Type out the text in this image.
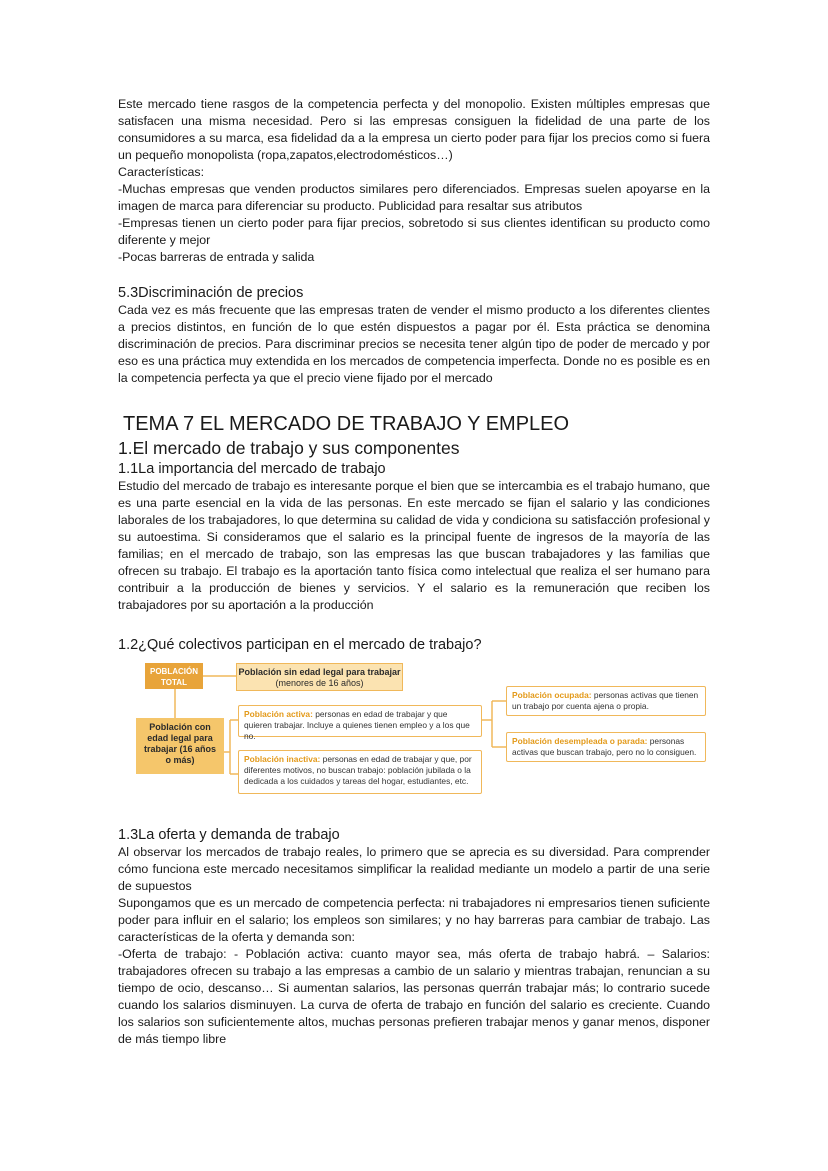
Este mercado tiene rasgos de la competencia perfecta y del monopolio. Existen múltiples empresas que satisfacen una misma necesidad. Pero si las empresas consiguen la fidelidad de una parte de los consumidores a su marca, esa fidelidad da a la empresa un cierto poder para fijar los precios como si fuera un pequeño monopolista (ropa,zapatos,electrodomésticos…)

Características:

-Muchas empresas que venden productos similares pero diferenciados. Empresas suelen apoyarse en la imagen de marca para diferenciar su producto. Publicidad para resaltar sus atributos

-Empresas tienen un cierto poder para fijar precios, sobretodo si sus clientes identifican su producto como diferente y mejor

-Pocas barreras de entrada y salida

5.3Discriminación de precios

Cada vez es más frecuente que las empresas traten de vender el mismo producto a los diferentes clientes a precios distintos, en función de lo que estén dispuestos a pagar por él. Esta práctica se denomina discriminación de precios. Para discriminar precios se necesita tener algún tipo de poder de mercado y por eso es una práctica muy extendida en los mercados de competencia imperfecta. Donde no es posible es en la competencia perfecta ya que el precio viene fijado por el mercado

TEMA 7 EL MERCADO DE TRABAJO Y EMPLEO
1.El mercado de trabajo y sus componentes
1.1La importancia del mercado de trabajo

Estudio del mercado de trabajo es interesante porque el bien que se intercambia es el trabajo humano, que es una parte esencial en la vida de las personas. En este mercado se fijan el salario y las condiciones laborales de los trabajadores, lo que determina su calidad de vida y condiciona su satisfacción profesional y su autoestima. Si consideramos que el salario es la principal fuente de ingresos de la mayoría de las familias; en el mercado de trabajo, son las empresas las que buscan trabajadores y las familias que ofrecen su trabajo. El trabajo es la aportación tanto física como intelectual que realiza el ser humano para contribuir a la producción de bienes y servicios. Y el salario es la remuneración que reciben los trabajadores por su aportación a la producción

1.2¿Qué colectivos participan en el mercado de trabajo?
POBLACIÓN TOTAL
Población sin edad legal para trabajar
(menores de 16 años)
Población con edad legal para trabajar (16 años o más)
Población activa: personas en edad de trabajar y que quieren trabajar. Incluye a quienes tienen empleo y a los que no.
Población inactiva: personas en edad de trabajar y que, por diferentes motivos, no buscan trabajo: población jubilada o la dedicada a los cuidados y tareas del hogar, estudiantes, etc.
Población ocupada: personas activas que tienen un trabajo por cuenta ajena o propia.
Población desempleada o parada: personas activas que buscan trabajo, pero no lo consiguen.
1.3La oferta y demanda de trabajo

Al observar los mercados de trabajo reales, lo primero que se aprecia es su diversidad. Para comprender cómo funciona este mercado necesitamos simplificar la realidad mediante un modelo a partir de una serie de supuestos

Supongamos que es un mercado de competencia perfecta: ni trabajadores ni empresarios tienen suficiente poder para influir en el salario; los empleos son similares; y no hay barreras para cambiar de trabajo. Las características de la oferta y demanda son:

-Oferta de trabajo: - Población activa: cuanto mayor sea, más oferta de trabajo habrá. – Salarios: trabajadores ofrecen su trabajo a las empresas a cambio de un salario y mientras trabajan, renuncian a su tiempo de ocio, descanso… Si aumentan salarios, las personas querrán trabajar más; lo contrario sucede cuando los salarios disminuyen. La curva de oferta de trabajo en función del salario es creciente. Cuando los salarios son suficientemente altos, muchas personas prefieren trabajar menos y ganar menos, disponer de más tiempo libre
